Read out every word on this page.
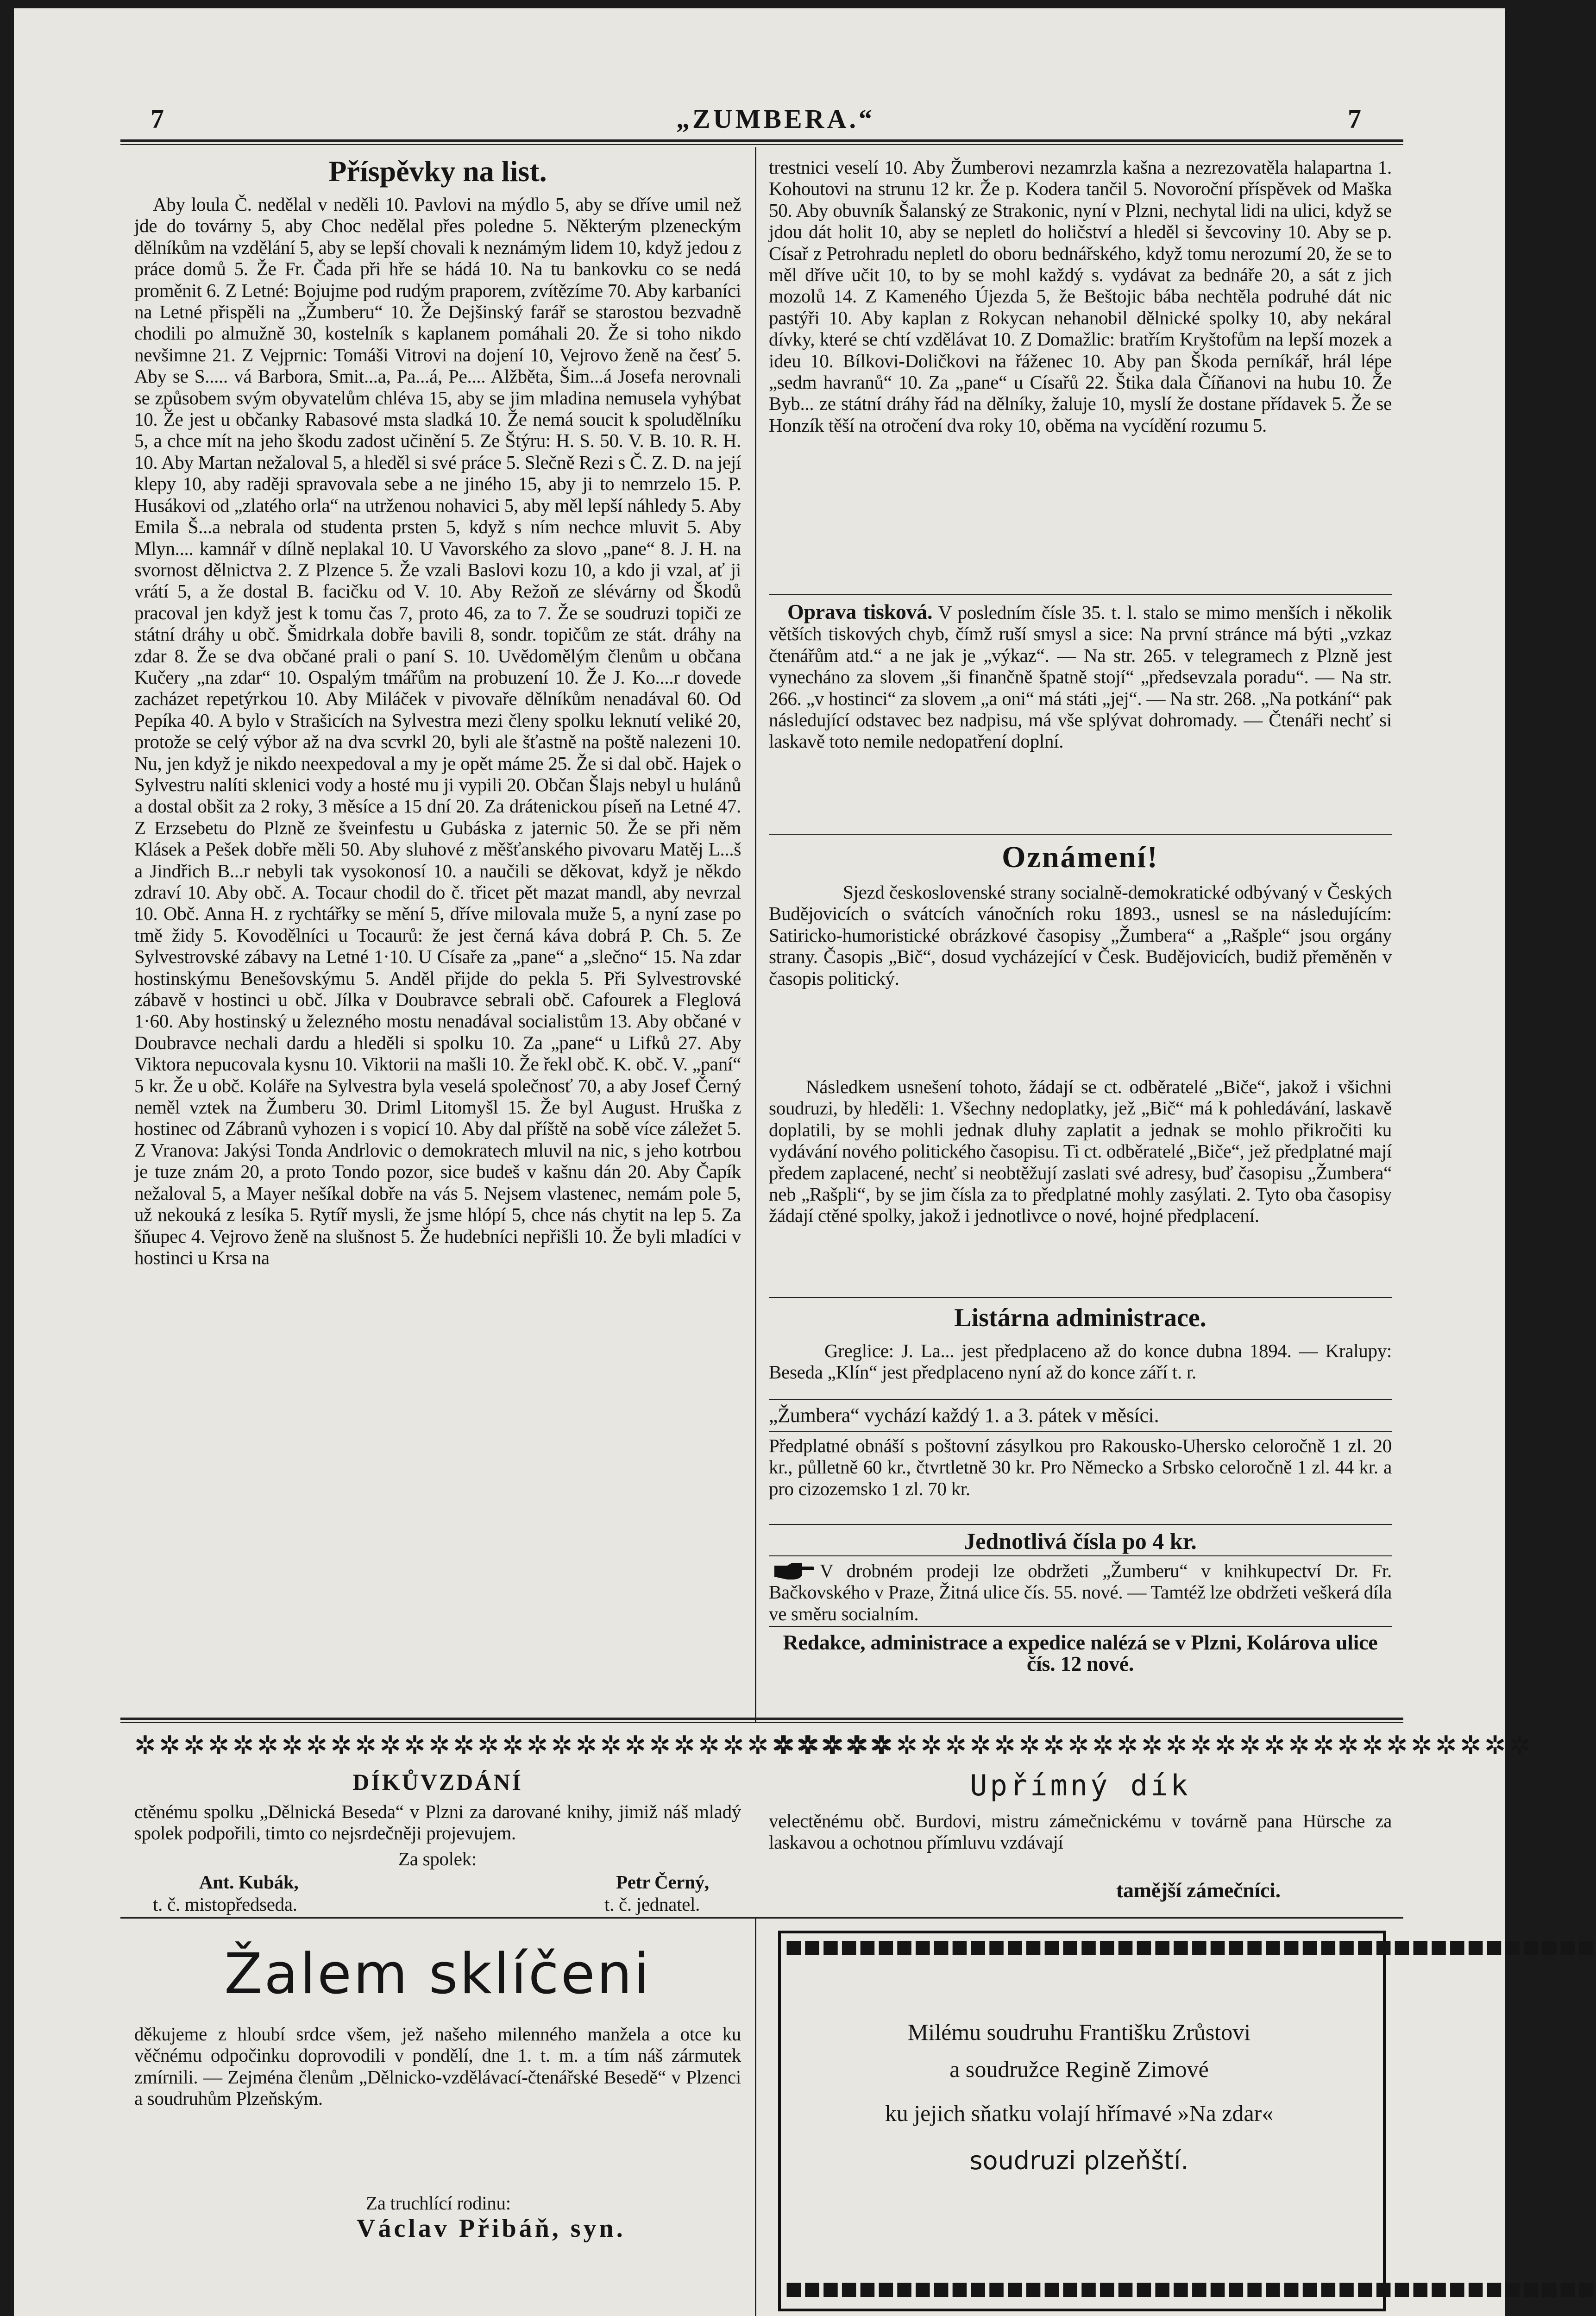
7	„ZUMBERA.“	7
Příspěvky na list.
Aby loula Č. nedělal v neděli 10. Pavlovi na mýdlo 5, aby se dříve umil než jde do továrny 5, aby Choc nedělal přes poledne 5. Některým plzeneckým dělníkům na vzdělání 5, aby se lepší chovali k neznámým lidem 10, když jedou z práce domů 5. Že Fr. Čada při hře se hádá 10. Na tu bankovku co se nedá proměnit 6. Z Letné: Bojujme pod rudým praporem, zvítězíme 70. Aby karbaníci na Letné přispěli na „Žumberu“ 10. Že Dejšinský farář se starostou bezvadně chodili po almužně 30, kostelník s kaplanem pomáhali 20. Že si toho nikdo nevšimne 21. Z Vejprnic: Tomáši Vitrovi na dojení 10, Vejrovo ženě na česť 5. Aby se S..... vá Barbora, Smit...a, Pa...á, Pe.... Alžběta, Šim...á Josefa nerovnali se způsobem svým obyvatelům chléva 15, aby se jim mladina nemusela vyhýbat 10. Že jest u občanky Rabasové msta sladká 10. Že nemá soucit k spoludělníku 5, a chce mít na jeho škodu zadost učinění 5. Ze Štýru: H. S. 50. V. B. 10. R. H. 10. Aby Martan nežaloval 5, a hleděl si své práce 5. Slečně Rezi s Č. Z. D. na její klepy 10, aby raději spravovala sebe a ne jiného 15, aby ji to nemrzelo 15. P. Husákovi od „zlatého orla“ na utrženou nohavici 5, aby měl lepší náhledy 5. Aby Emila Š...a nebrala od studenta prsten 5, když s ním nechce mluvit 5. Aby Mlyn.... kamnář v dílně neplakal 10. U Vavorského za slovo „pane“ 8. J. H. na svornost dělnictva 2. Z Plzence 5. Že vzali Baslovi kozu 10, a kdo ji vzal, ať ji vrátí 5, a že dostal B. facičku od V. 10. Aby Režoň ze slévárny od Škodů pracoval jen když jest k tomu čas 7, proto 46, za to 7. Že se soudruzi topiči ze státní dráhy u obč. Šmidrkala dobře bavili 8, sondr. topičům ze stát. dráhy na zdar 8. Že se dva občané prali o paní S. 10. Uvědomělým členům u občana Kučery „na zdar“ 10. Ospalým tmářům na probuzení 10. Že J. Ko....r dovede zacházet repetýrkou 10. Aby Miláček v pivovaře dělníkům nenadával 60. Od Pepíka 40. A bylo v Strašicích na Sylvestra mezi členy spolku leknutí veliké 20, protože se celý výbor až na dva scvrkl 20, byli ale šťastně na poště nalezeni 10. Nu, jen když je nikdo neexpedoval a my je opět máme 25. Že si dal obč. Hajek o Sylvestru nalíti sklenici vody a hosté mu ji vypili 20. Občan Šlajs nebyl u hulánů a dostal obšit za 2 roky, 3 měsíce a 15 dní 20. Za drátenickou píseň na Letné 47. Z Erzsebetu do Plzně ze šveinfestu u Gubáska z jaternic 50. Že se při něm Klásek a Pešek dobře měli 50. Aby sluhové z měšťanského pivovaru Matěj L...š a Jindřich B...r nebyli tak vysokonosí 10. a naučili se děkovat, když je někdo zdraví 10. Aby obč. A. Tocaur chodil do č. třicet pět mazat mandl, aby nevrzal 10. Obč. Anna H. z rychtářky se mění 5, dříve milovala muže 5, a nyní zase po tmě židy 5. Kovodělníci u Tocaurů: že jest černá káva dobrá P. Ch. 5. Ze Sylvestrovské zábavy na Letné 1·10. U Císaře za „pane“ a „slečno“ 15. Na zdar hostinskýmu Benešovskýmu 5. Anděl přijde do pekla 5. Při Sylvestrovské zábavě v hostinci u obč. Jílka v Doubravce sebrali obč. Cafourek a Fleglová 1·60. Aby hostinský u železného mostu nenadával socialistům 13. Aby občané v Doubravce nechali dardu a hleděli si spolku 10. Za „pane“ u Lifků 27. Aby Viktora nepucovala kysnu 10. Viktorii na mašli 10. Že řekl obč. K. obč. V. „paní“ 5 kr. Že u obč. Koláře na Sylvestra byla veselá společnosť 70, a aby Josef Černý neměl vztek na Žumberu 30. Driml Litomyšl 15. Že byl August. Hruška z hostinec od Zábranů vyhozen i s vopicí 10. Aby dal příště na sobě více záležet 5. Z Vranova: Jakýsi Tonda Andrlovic o demokratech mluvil na nic, s jeho kotrbou je tuze znám 20, a proto Tondo pozor, sice budeš v kašnu dán 20. Aby Čapík nežaloval 5, a Mayer nešíkal dobře na vás 5. Nejsem vlastenec, nemám pole 5, už nekouká z lesíka 5. Rytíř mysli, že jsme hlópí 5, chce nás chytit na lep 5. Za šňupec 4. Vejrovo ženě na slušnost 5. Že hudebníci nepřišli 10. Že byli mladíci v hostinci u Krsa na
trestnici veselí 10. Aby Žumberovi nezamrzla kašna a nezrezovatěla halapartna 1. Kohoutovi na strunu 12 kr. Že p. Kodera tančil 5. Novoroční příspěvek od Maška 50. Aby obuvník Šalanský ze Strakonic, nyní v Plzni, nechytal lidi na ulici, když se jdou dát holit 10, aby se nepletl do holičství a hleděl si ševcoviny 10. Aby se p. Císař z Petrohradu nepletl do oboru bednářského, když tomu nerozumí 20, že se to měl dříve učit 10, to by se mohl každý s. vydávat za bednáře 20, a sát z jich mozolů 14. Z Kameného Újezda 5, že Beštojic bába nechtěla podruhé dát nic pastýři 10. Aby kaplan z Rokycan nehanobil dělnické spolky 10, aby nekáral dívky, které se chtí vzdělávat 10. Z Domažlic: bratřím Kryštofům na lepší mozek a ideu 10. Bílkovi-Doličkovi na řáženec 10. Aby pan Škoda perníkář, hrál lépe „sedm havranů“ 10. Za „pane“ u Císařů 22. Štika dala Číňanovi na hubu 10. Že Byb... ze státní dráhy řád na dělníky, žaluje 10, myslí že dostane přídavek 5. Že se Honzík těší na otročení dva roky 10, oběma na vycídění rozumu 5.
Oprava tisková. V posledním čísle 35. t. l. stalo se mimo menších i několik větších tiskových chyb, čímž ruší smysl a sice: Na první stránce má býti „vzkaz čtenářům atd.“ a ne jak je „výkaz“. — Na str. 265. v telegramech z Plzně jest vynecháno za slovem „ši finančně špatně stojí“ „předsevzala poradu“. — Na str. 266. „v hostinci“ za slovem „a oni“ má státi „jej“. — Na str. 268. „Na potkání“ pak následující odstavec bez nadpisu, má vše splývat dohromady. — Čtenáři nechť si laskavě toto nemile nedopatření doplní.
Oznámení!
Sjezd československé strany socialně-demokratické odbývaný v Českých Budějovicích o svátcích vánočních roku 1893., usnesl se na následujícím: Satiricko-humoristické obrázkové časopisy „Žumbera“ a „Rašple“ jsou orgány strany. Časopis „Bič“, dosud vycházející v Česk. Budějovicích, budiž přeměněn v časopis politický.
Následkem usnešení tohoto, žádají se ct. odběratelé „Biče“, jakož i všichni soudruzi, by hleděli: 1. Všechny nedoplatky, jež „Bič“ má k pohledávání, laskavě doplatili, by se mohli jednak dluhy zaplatit a jednak se mohlo přikročiti ku vydávání nového politického časopisu. Ti ct. odběratelé „Biče“, jež předplatné mají předem zaplacené, nechť si neobtěžují zaslati své adresy, buď časopisu „Žumbera“ neb „Rašpli“, by se jim čísla za to předplatné mohly zasýlati. 2. Tyto oba časopisy žádají ctěné spolky, jakož i jednotlivce o nové, hojné předplacení.
Listárna administrace.
Greglice: J. La... jest předplaceno až do konce dubna 1894. — Kralupy: Beseda „Klín“ jest předplaceno nyní až do konce září t. r.
„Žumbera“ vychází každý 1. a 3. pátek v měsíci.
Předplatné obnáší s poštovní zásylkou pro Rakousko-Uhersko celoročně 1 zl. 20 kr., půlletně 60 kr., čtvrtletně 30 kr. Pro Německo a Srbsko celoročně 1 zl. 44 kr. a pro cizozemsko 1 zl. 70 kr.
Jednotlivá čísla po 4 kr.
V drobném prodeji lze obdržeti „Žumberu“ v knihkupectví Dr. Fr. Bačkovského v Praze, Žitná ulice čís. 55. nové. — Tamtéž lze obdržeti veškerá díla ve směru socialním.
Redakce, administrace a expedice nalézá se v Plzni, Kolárova ulice čís. 12 nové.
✲✲✲✲✲✲✲✲✲✲✲✲✲✲✲✲✲✲✲✲✲✲✲✲✲✲✲✲✲✲✲
✲✲✲✲✲✲✲✲✲✲✲✲✲✲✲✲✲✲✲✲✲✲✲✲✲✲✲✲✲✲✲
DÍKŮVZDÁNÍ
ctěnému spolku „Dělnická Beseda“ v Plzni za darované knihy, jimiž náš mladý spolek podpořili, timto co nejsrdečněji projevujem.
Za spolek:
Ant. Kubák,
t. č. mistopředseda.
Petr Černý,
t. č. jednatel.
Upřímný dík
velectěnému obč. Burdovi, mistru zámečnickému v továrně pana Hürsche za laskavou a ochotnou přímluvu vzdávají
tamější zámečníci.
Žalem sklíčeni
děkujeme z hloubí srdce všem, jež našeho milenného manžela a otce ku věčnému odpočinku doprovodili v pondělí, dne 1. t. m. a tím náš zármutek zmírnili. — Zejména členům „Dělnicko-vzdělávací-čtenářské Besedě“ v Plzenci a soudruhům Plzeňským.
Za truchlící rodinu:
Václav Přibáň, syn.
■■■■■■■■■■■■■■■■■■■■■■■■■■■■■■■■■■■■■■■■■■■■
■■■■■■■■■■■■■■■■■■■■■■■■■■■■■■■■■■■■■■■■■■■■
Milému soudruhu Františku Zrůstovi
a soudružce Regině Zimové
ku jejich sňatku volají hřímavé »Na zdar«
soudruzi plzeňští.
